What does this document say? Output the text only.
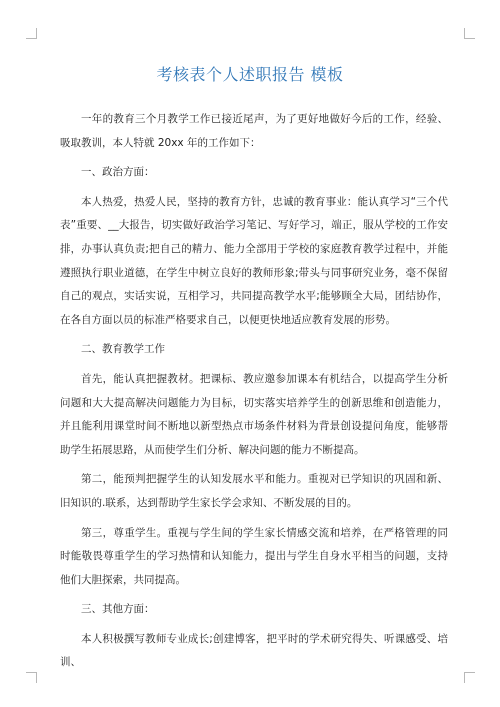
考核表个人述职报告 模板

一年的教育三个月教学工作已接近尾声，为了更好地做好今后的工作，经验、吸取教训，本人特就 20xx 年的工作如下：

一、政治方面：

本人热爱，热爱人民，坚持的教育方针，忠诚的教育事业：能认真学习“三个代表”重要、__大报告，切实做好政治学习笔记、写好学习，端正，服从学校的工作安排，办事认真负责;把自己的精力、能力全部用于学校的家庭教育教学过程中，并能遵照执行职业道德，在学生中树立良好的教师形象;带头与同事研究业务，毫不保留自己的观点，实话实说，互相学习，共同提高教学水平;能够顾全大局，团结协作，在各自方面以员的标准严格要求自己，以便更快地适应教育发展的形势。

二、教育教学工作

首先，能认真把握教材。把课标、教应邀参加课本有机结合，以提高学生分析问题和大大提高解决问题能力为目标，切实落实培养学生的创新思维和创造能力，并且能利用课堂时间不断地以新型热点市场条件材料为背景创设提问角度，能够帮助学生拓展思路，从而使学生们分析、解决问题的能力不断提高。

第二，能预判把握学生的认知发展水平和能力。重视对已学知识的巩固和新、旧知识的.联系，达到帮助学生家长学会求知、不断发展的目的。

第三，尊重学生。重视与学生间的学生家长情感交流和培养，在严格管理的同时能敬畏尊重学生的学习热情和认知能力，提出与学生自身水平相当的问题，支持他们大胆探索，共同提高。

三、其他方面：

本人积极撰写教师专业成长;创建博客，把平时的学术研究得失、听课感受、培训、
